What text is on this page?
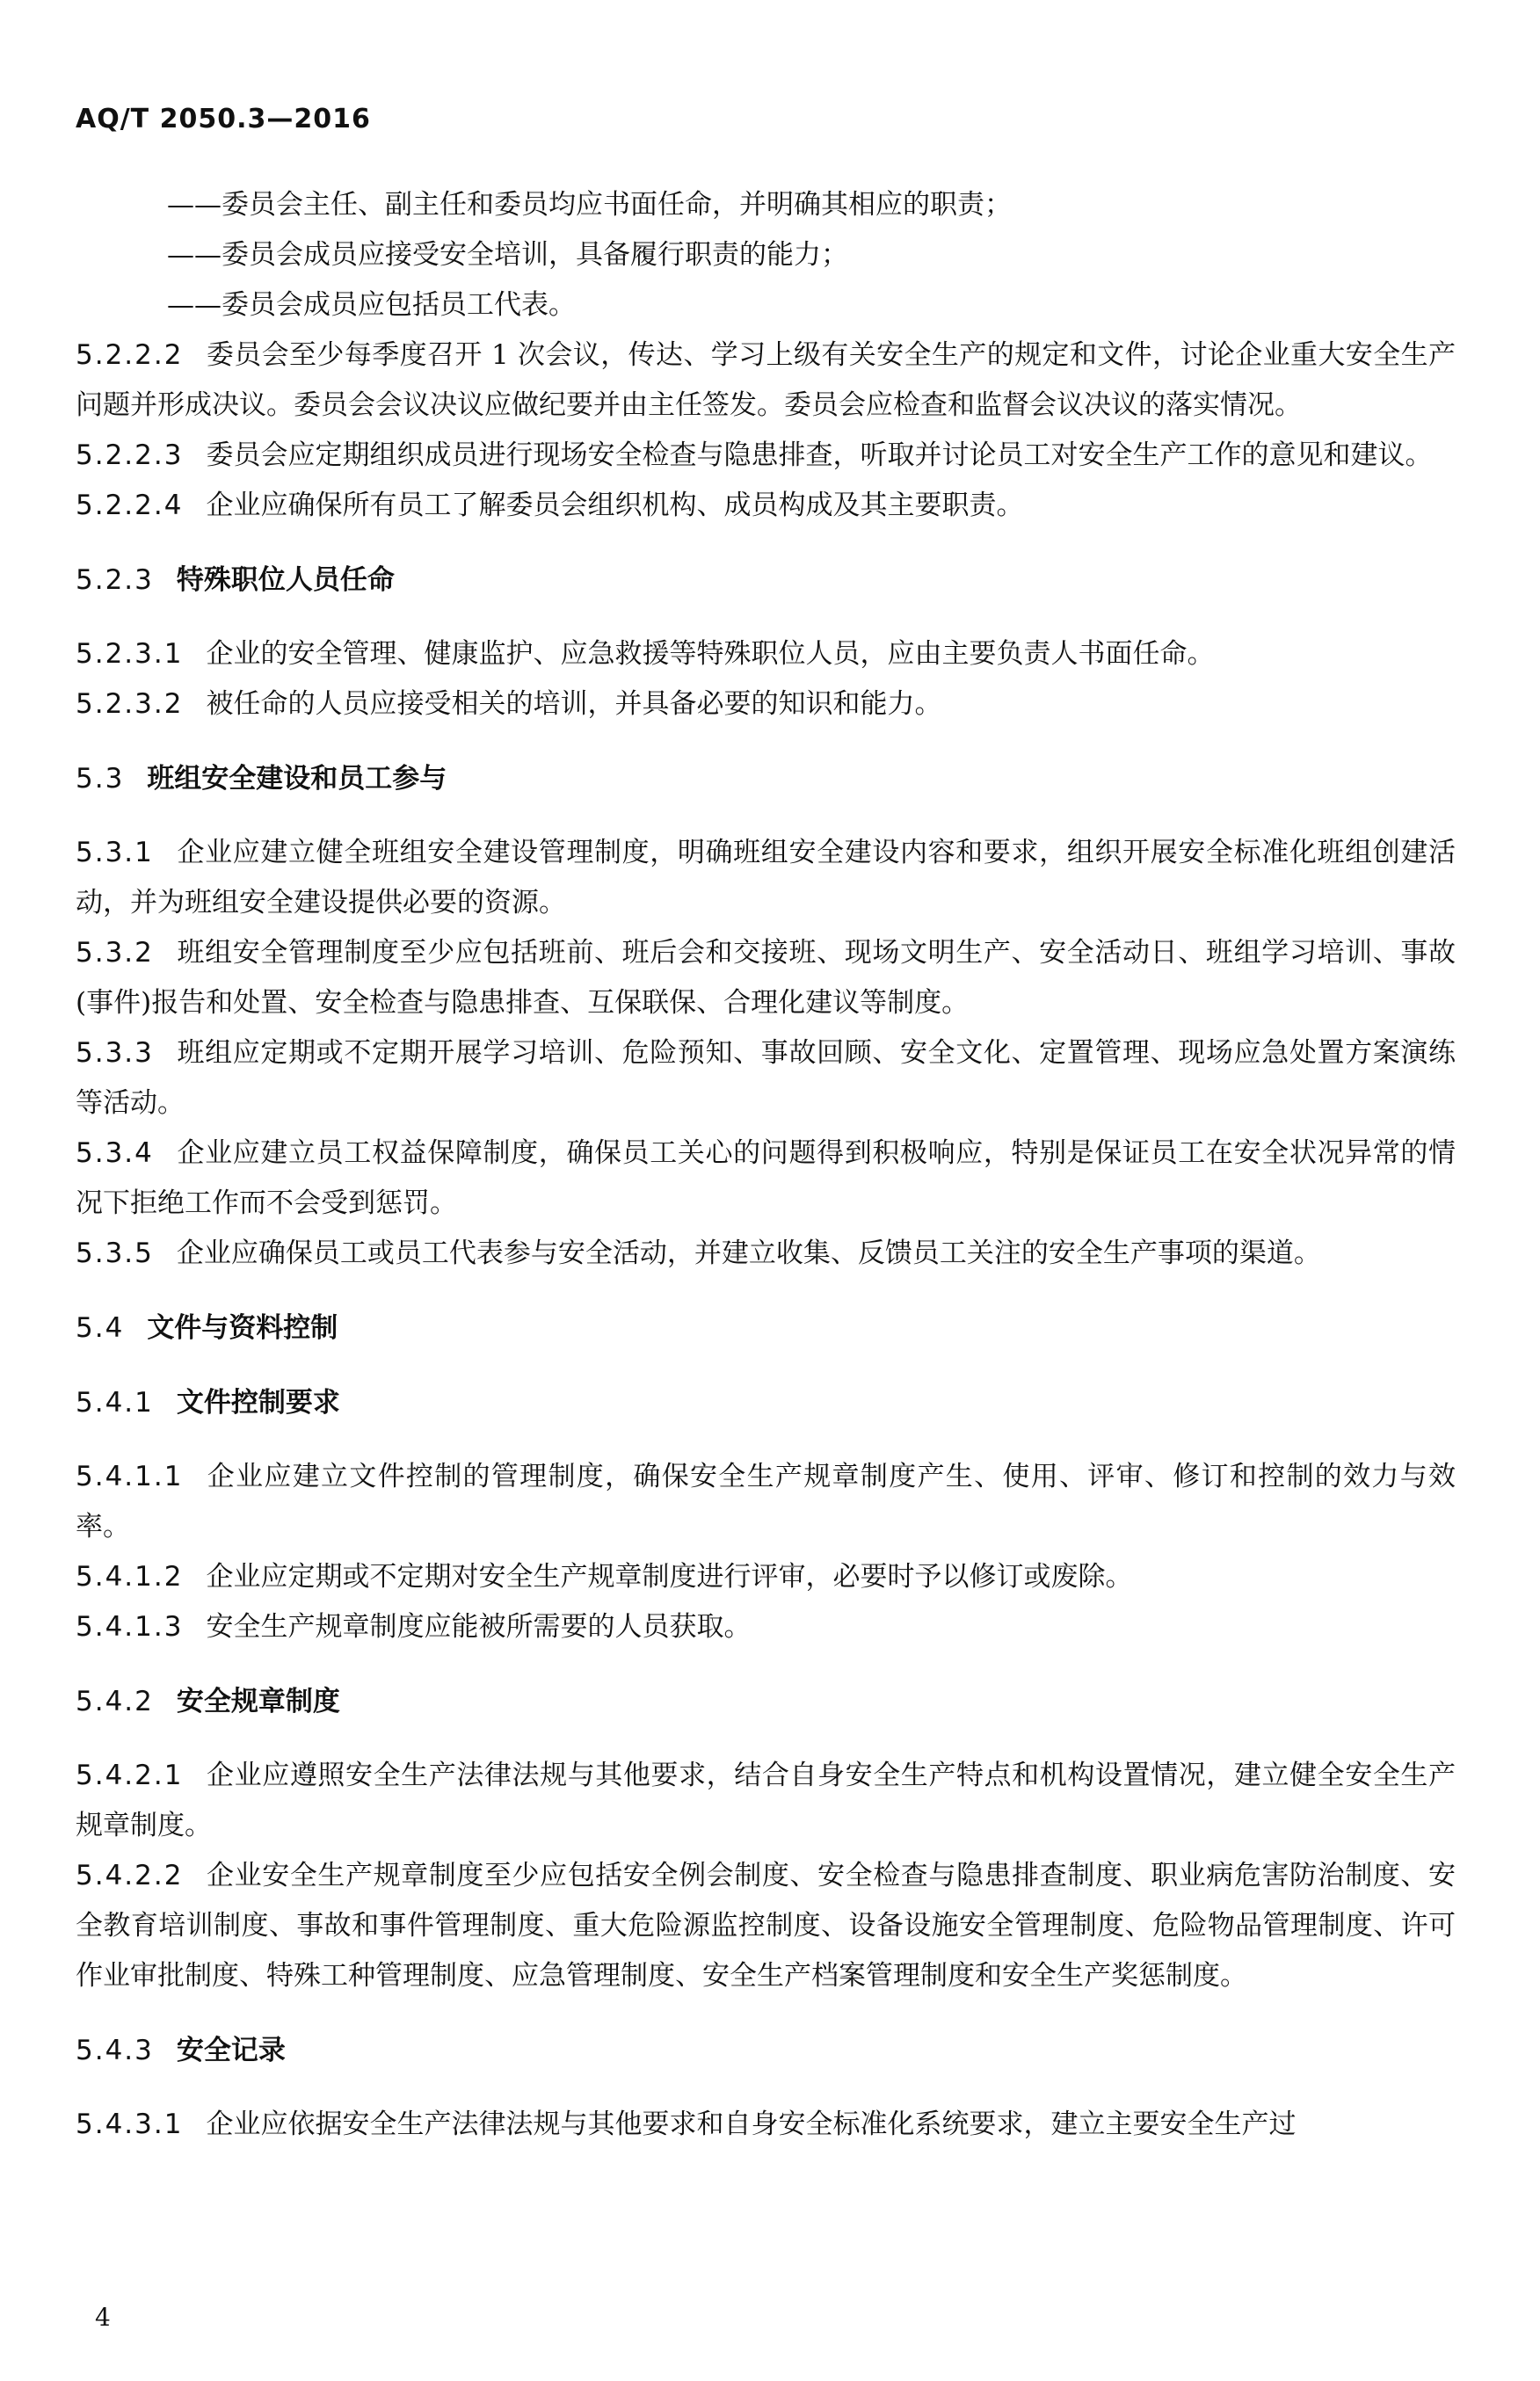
AQ/T 2050.3—2016
——委员会主任、副主任和委员均应书面任命，并明确其相应的职责；
——委员会成员应接受安全培训，具备履行职责的能力；
——委员会成员应包括员工代表。
5.2.2.2 委员会至少每季度召开 1 次会议，传达、学习上级有关安全生产的规定和文件，讨论企业重大安全生产问题并形成决议。委员会会议决议应做纪要并由主任签发。委员会应检查和监督会议决议的落实情况。
5.2.2.3 委员会应定期组织成员进行现场安全检查与隐患排查，听取并讨论员工对安全生产工作的意见和建议。
5.2.2.4 企业应确保所有员工了解委员会组织机构、成员构成及其主要职责。
5.2.3 特殊职位人员任命
5.2.3.1 企业的安全管理、健康监护、应急救援等特殊职位人员，应由主要负责人书面任命。
5.2.3.2 被任命的人员应接受相关的培训，并具备必要的知识和能力。
5.3 班组安全建设和员工参与
5.3.1 企业应建立健全班组安全建设管理制度，明确班组安全建设内容和要求，组织开展安全标准化班组创建活动，并为班组安全建设提供必要的资源。
5.3.2 班组安全管理制度至少应包括班前、班后会和交接班、现场文明生产、安全活动日、班组学习培训、事故(事件)报告和处置、安全检查与隐患排查、互保联保、合理化建议等制度。
5.3.3 班组应定期或不定期开展学习培训、危险预知、事故回顾、安全文化、定置管理、现场应急处置方案演练等活动。
5.3.4 企业应建立员工权益保障制度，确保员工关心的问题得到积极响应，特别是保证员工在安全状况异常的情况下拒绝工作而不会受到惩罚。
5.3.5 企业应确保员工或员工代表参与安全活动，并建立收集、反馈员工关注的安全生产事项的渠道。
5.4 文件与资料控制
5.4.1 文件控制要求
5.4.1.1 企业应建立文件控制的管理制度，确保安全生产规章制度产生、使用、评审、修订和控制的效力与效率。
5.4.1.2 企业应定期或不定期对安全生产规章制度进行评审，必要时予以修订或废除。
5.4.1.3 安全生产规章制度应能被所需要的人员获取。
5.4.2 安全规章制度
5.4.2.1 企业应遵照安全生产法律法规与其他要求，结合自身安全生产特点和机构设置情况，建立健全安全生产规章制度。
5.4.2.2 企业安全生产规章制度至少应包括安全例会制度、安全检查与隐患排查制度、职业病危害防治制度、安全教育培训制度、事故和事件管理制度、重大危险源监控制度、设备设施安全管理制度、危险物品管理制度、许可作业审批制度、特殊工种管理制度、应急管理制度、安全生产档案管理制度和安全生产奖惩制度。
5.4.3 安全记录
5.4.3.1 企业应依据安全生产法律法规与其他要求和自身安全标准化系统要求，建立主要安全生产过
4
